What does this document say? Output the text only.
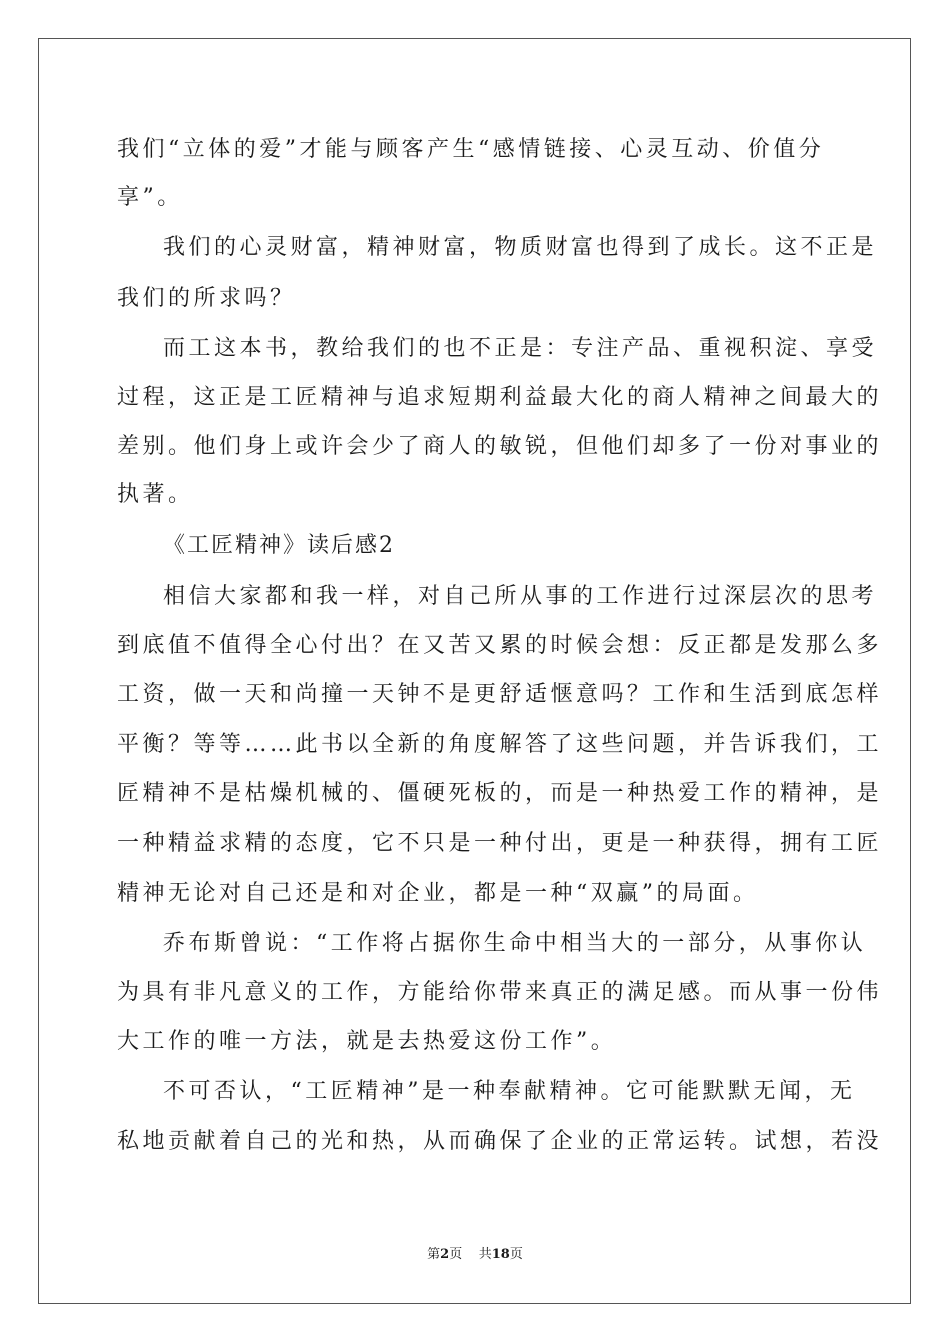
我们“立体的爱”才能与顾客产生“感情链接、心灵互动、价值分
享”。
我们的心灵财富，精神财富，物质财富也得到了成长。这不正是
我们的所求吗？
而工这本书，教给我们的也不正是：专注产品、重视积淀、享受
过程，这正是工匠精神与追求短期利益最大化的商人精神之间最大的
差别。他们身上或许会少了商人的敏锐，但他们却多了一份对事业的
执著。
《工匠精神》读后感2
相信大家都和我一样，对自己所从事的工作进行过深层次的思考
到底值不值得全心付出？在又苦又累的时候会想：反正都是发那么多
工资，做一天和尚撞一天钟不是更舒适惬意吗？工作和生活到底怎样
平衡？等等……此书以全新的角度解答了这些问题，并告诉我们，工
匠精神不是枯燥机械的、僵硬死板的，而是一种热爱工作的精神，是
一种精益求精的态度，它不只是一种付出，更是一种获得，拥有工匠
精神无论对自己还是和对企业，都是一种“双赢”的局面。
乔布斯曾说：“工作将占据你生命中相当大的一部分，从事你认
为具有非凡意义的工作，方能给你带来真正的满足感。而从事一份伟
大工作的唯一方法，就是去热爱这份工作”。
不可否认，“工匠精神”是一种奉献精神。它可能默默无闻，无
私地贡献着自己的光和热，从而确保了企业的正常运转。试想，若没
第2页 共18页
